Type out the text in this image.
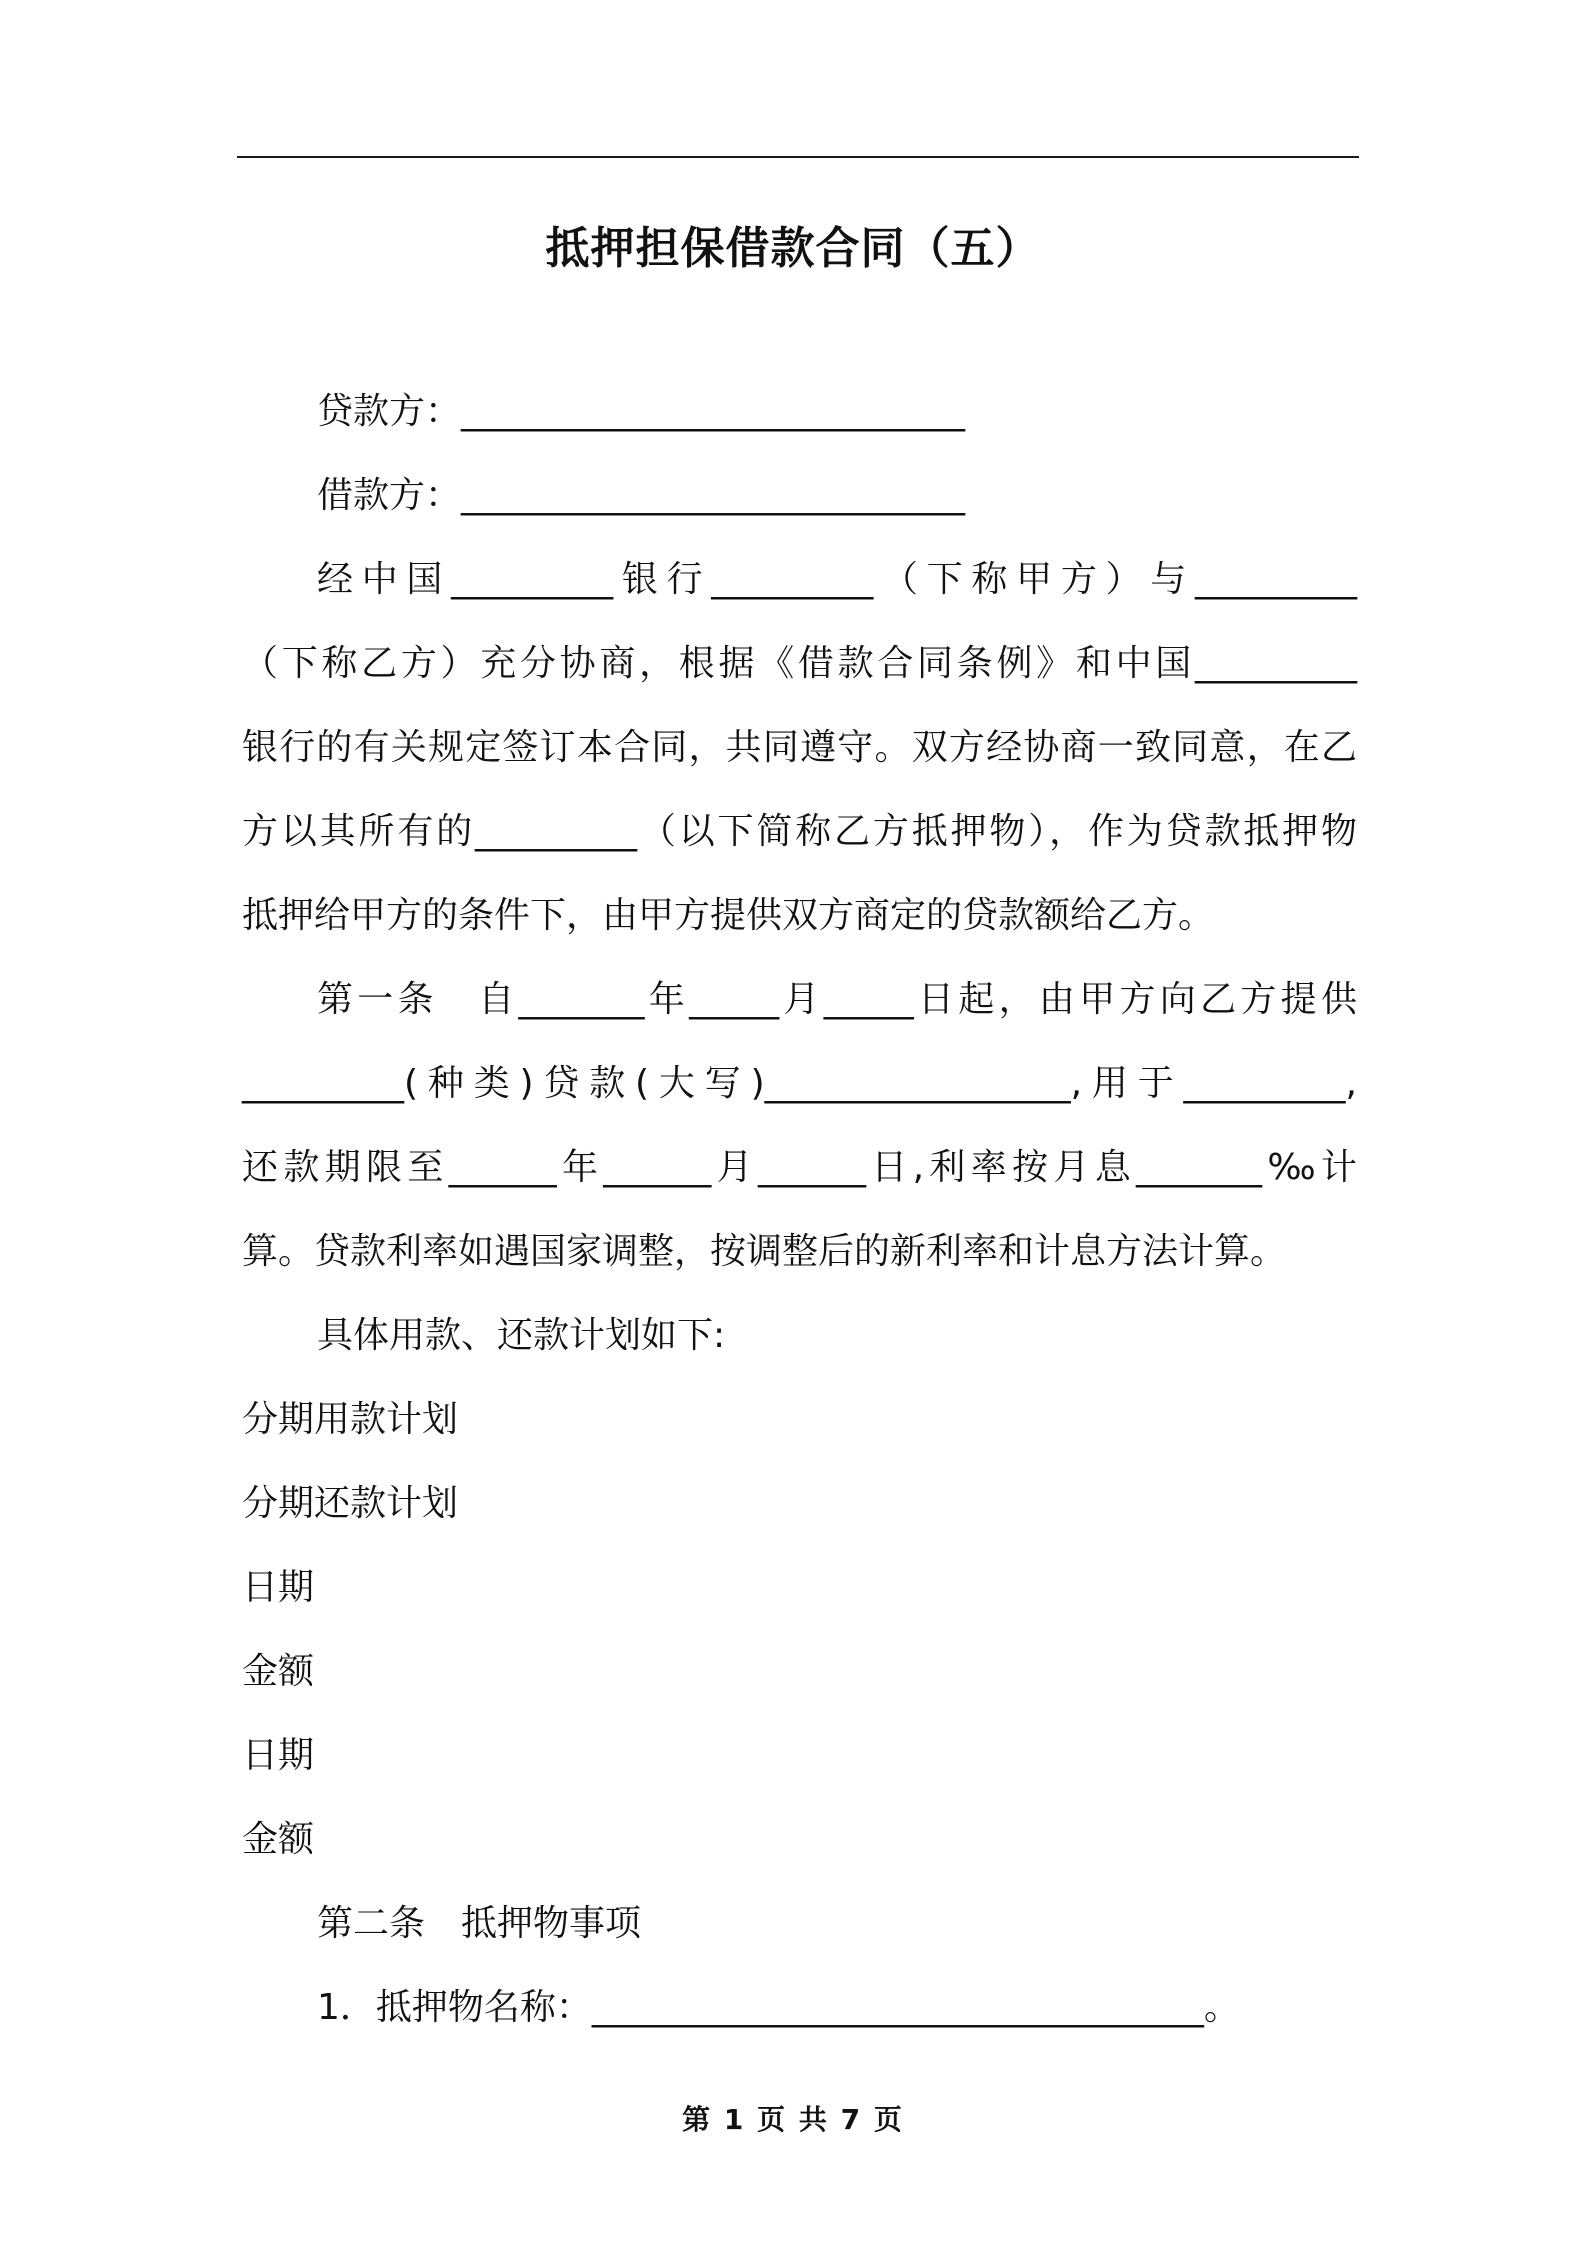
抵押担保借款合同（五）
贷款方：____________________________
借款方：____________________________
经中国_________银行_________（下称甲方）与_________
（下称乙方）充分协商，根据《借款合同条例》和中国_________
银行的有关规定签订本合同，共同遵守。双方经协商一致同意，在乙
方以其所有的_________（以下简称乙方抵押物），作为贷款抵押物
抵押给甲方的条件下，由甲方提供双方商定的贷款额给乙方。
第一条　自_______年_____月_____日起，由甲方向乙方提供
_________(种类)贷款(大写)_________________,用于_________,
还款期限至______年______月______日,利率按月息_______‰计
算。贷款利率如遇国家调整，按调整后的新利率和计息方法计算。
具体用款、还款计划如下:
分期用款计划
分期还款计划
日期
金额
日期
金额
第二条　抵押物事项
1．抵押物名称：__________________________________。
第 1 页 共 7 页
